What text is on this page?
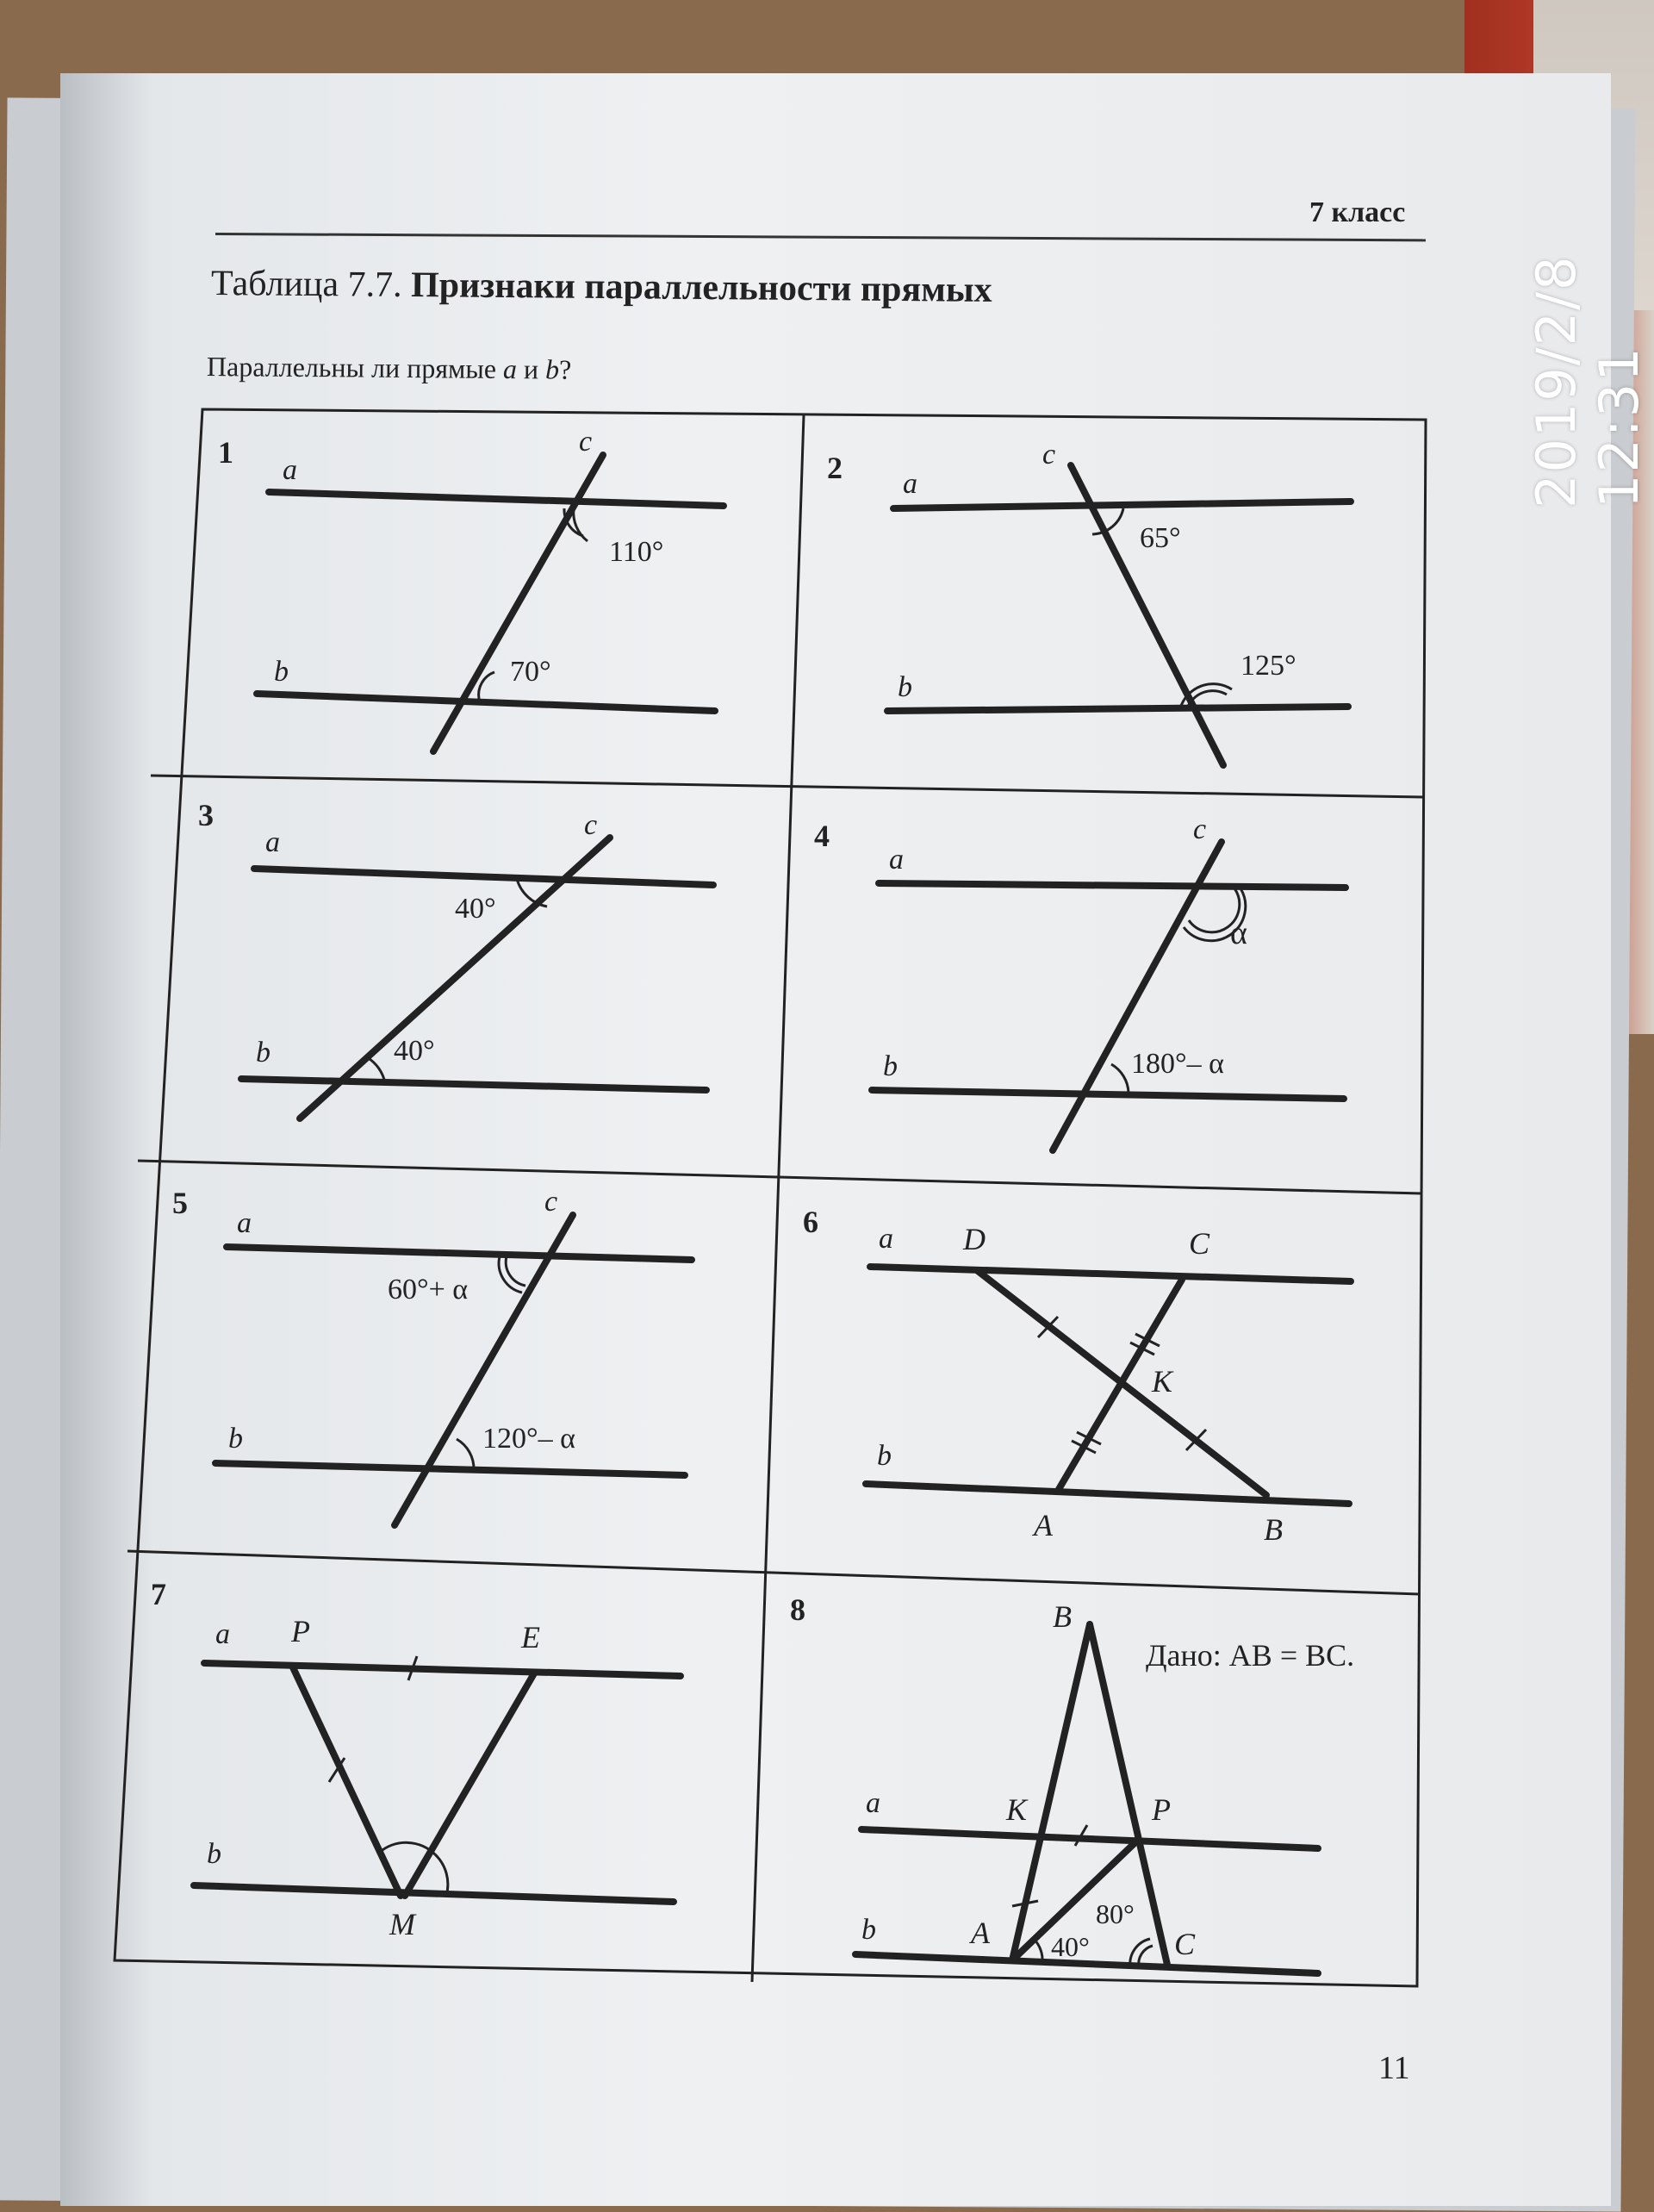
2019/2/8 12:31
7 класс
Таблица 7.7. Признаки параллельности прямых
Параллельны ли прямые a и b?
1
a
b
c
110°
70°
2 a
b
c
65°
125°
3
a
b
c
40°
40°
4
a
b
c
α
180°– α
5
a
b
c
60°+ α
120°– α
6 a
b
D	C
K
A	B
7
a
b
P	E
M
8
a
b
B
K	P
A	C
Дано: AB = BC.
80°
40°
11
